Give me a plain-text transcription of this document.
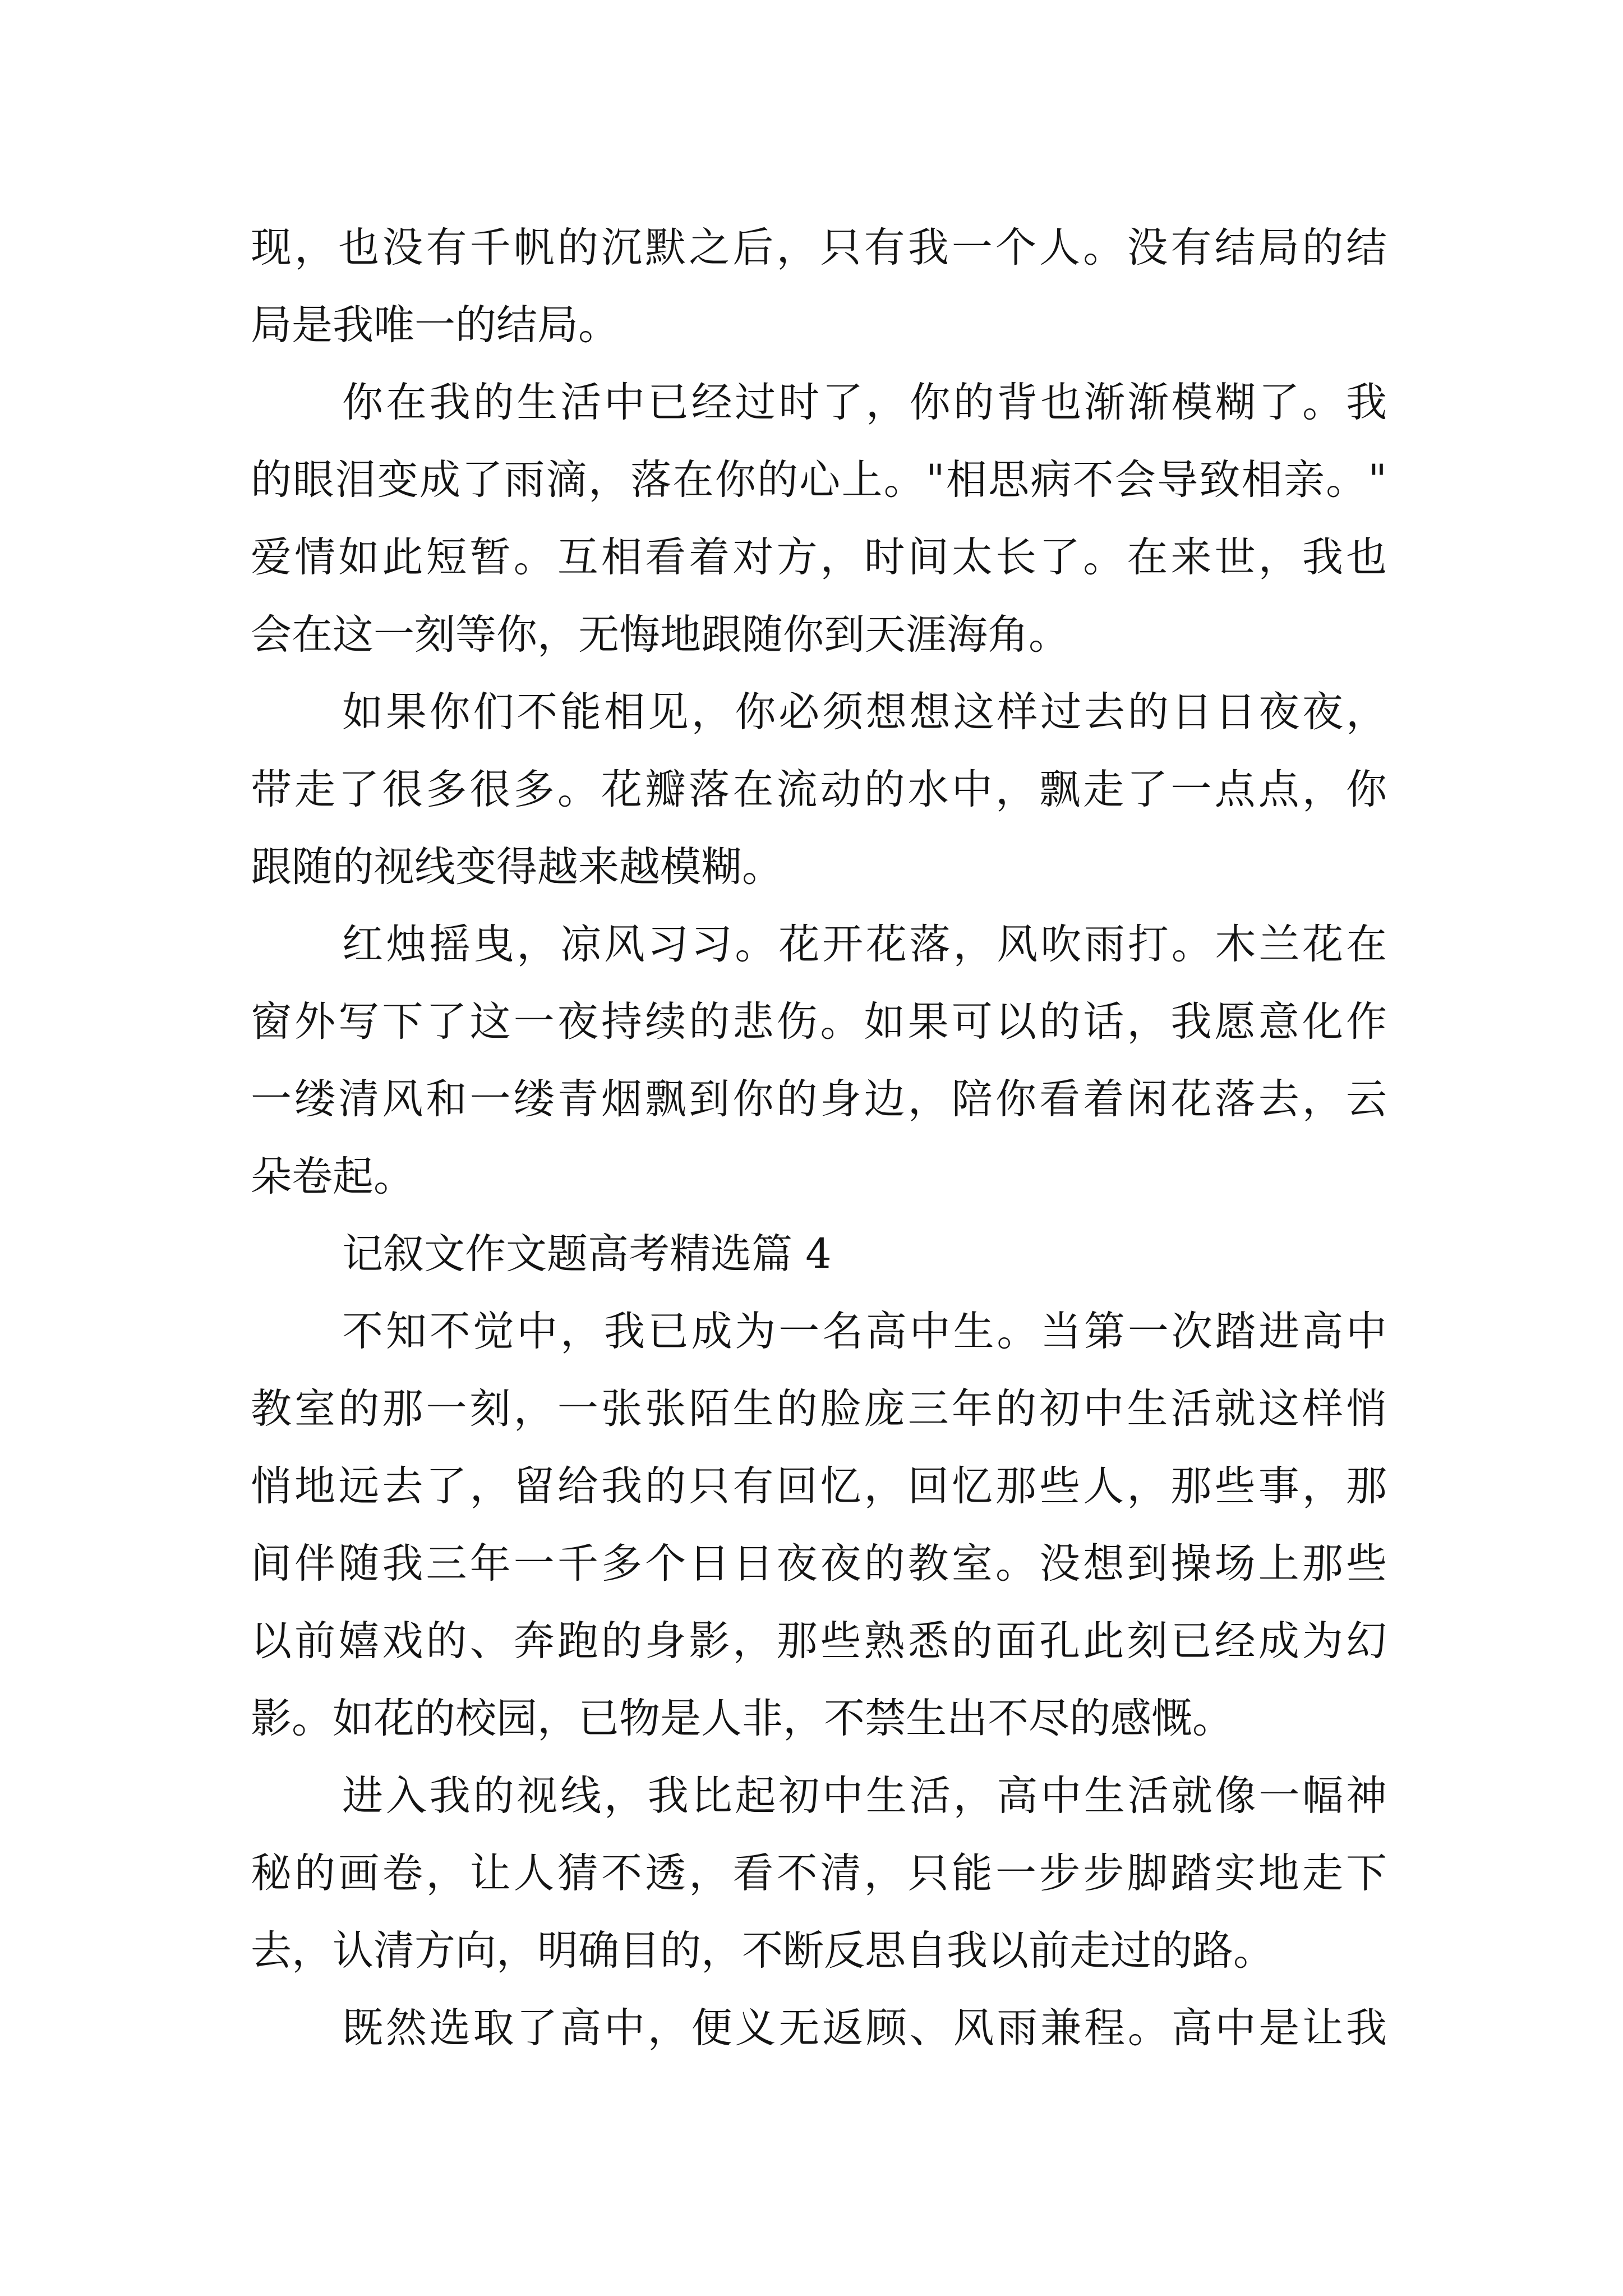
现，也没有千帆的沉默之后，只有我一个人。没有结局的结
局是我唯一的结局。
你在我的生活中已经过时了，你的背也渐渐模糊了。我
的眼泪变成了雨滴，落在你的心上。"相思病不会导致相亲。"
爱情如此短暂。互相看着对方，时间太长了。在来世，我也
会在这一刻等你，无悔地跟随你到天涯海角。
如果你们不能相见，你必须想想这样过去的日日夜夜，
带走了很多很多。花瓣落在流动的水中，飘走了一点点，你
跟随的视线变得越来越模糊。
红烛摇曳，凉风习习。花开花落，风吹雨打。木兰花在
窗外写下了这一夜持续的悲伤。如果可以的话，我愿意化作
一缕清风和一缕青烟飘到你的身边，陪你看着闲花落去，云
朵卷起。
记叙文作文题高考精选篇 4
不知不觉中，我已成为一名高中生。当第一次踏进高中
教室的那一刻，一张张陌生的脸庞三年的初中生活就这样悄
悄地远去了，留给我的只有回忆，回忆那些人，那些事，那
间伴随我三年一千多个日日夜夜的教室。没想到操场上那些
以前嬉戏的、奔跑的身影，那些熟悉的面孔此刻已经成为幻
影。如花的校园，已物是人非，不禁生出不尽的感慨。
进入我的视线，我比起初中生活，高中生活就像一幅神
秘的画卷，让人猜不透，看不清，只能一步步脚踏实地走下
去，认清方向，明确目的，不断反思自我以前走过的路。
既然选取了高中，便义无返顾、风雨兼程。高中是让我
